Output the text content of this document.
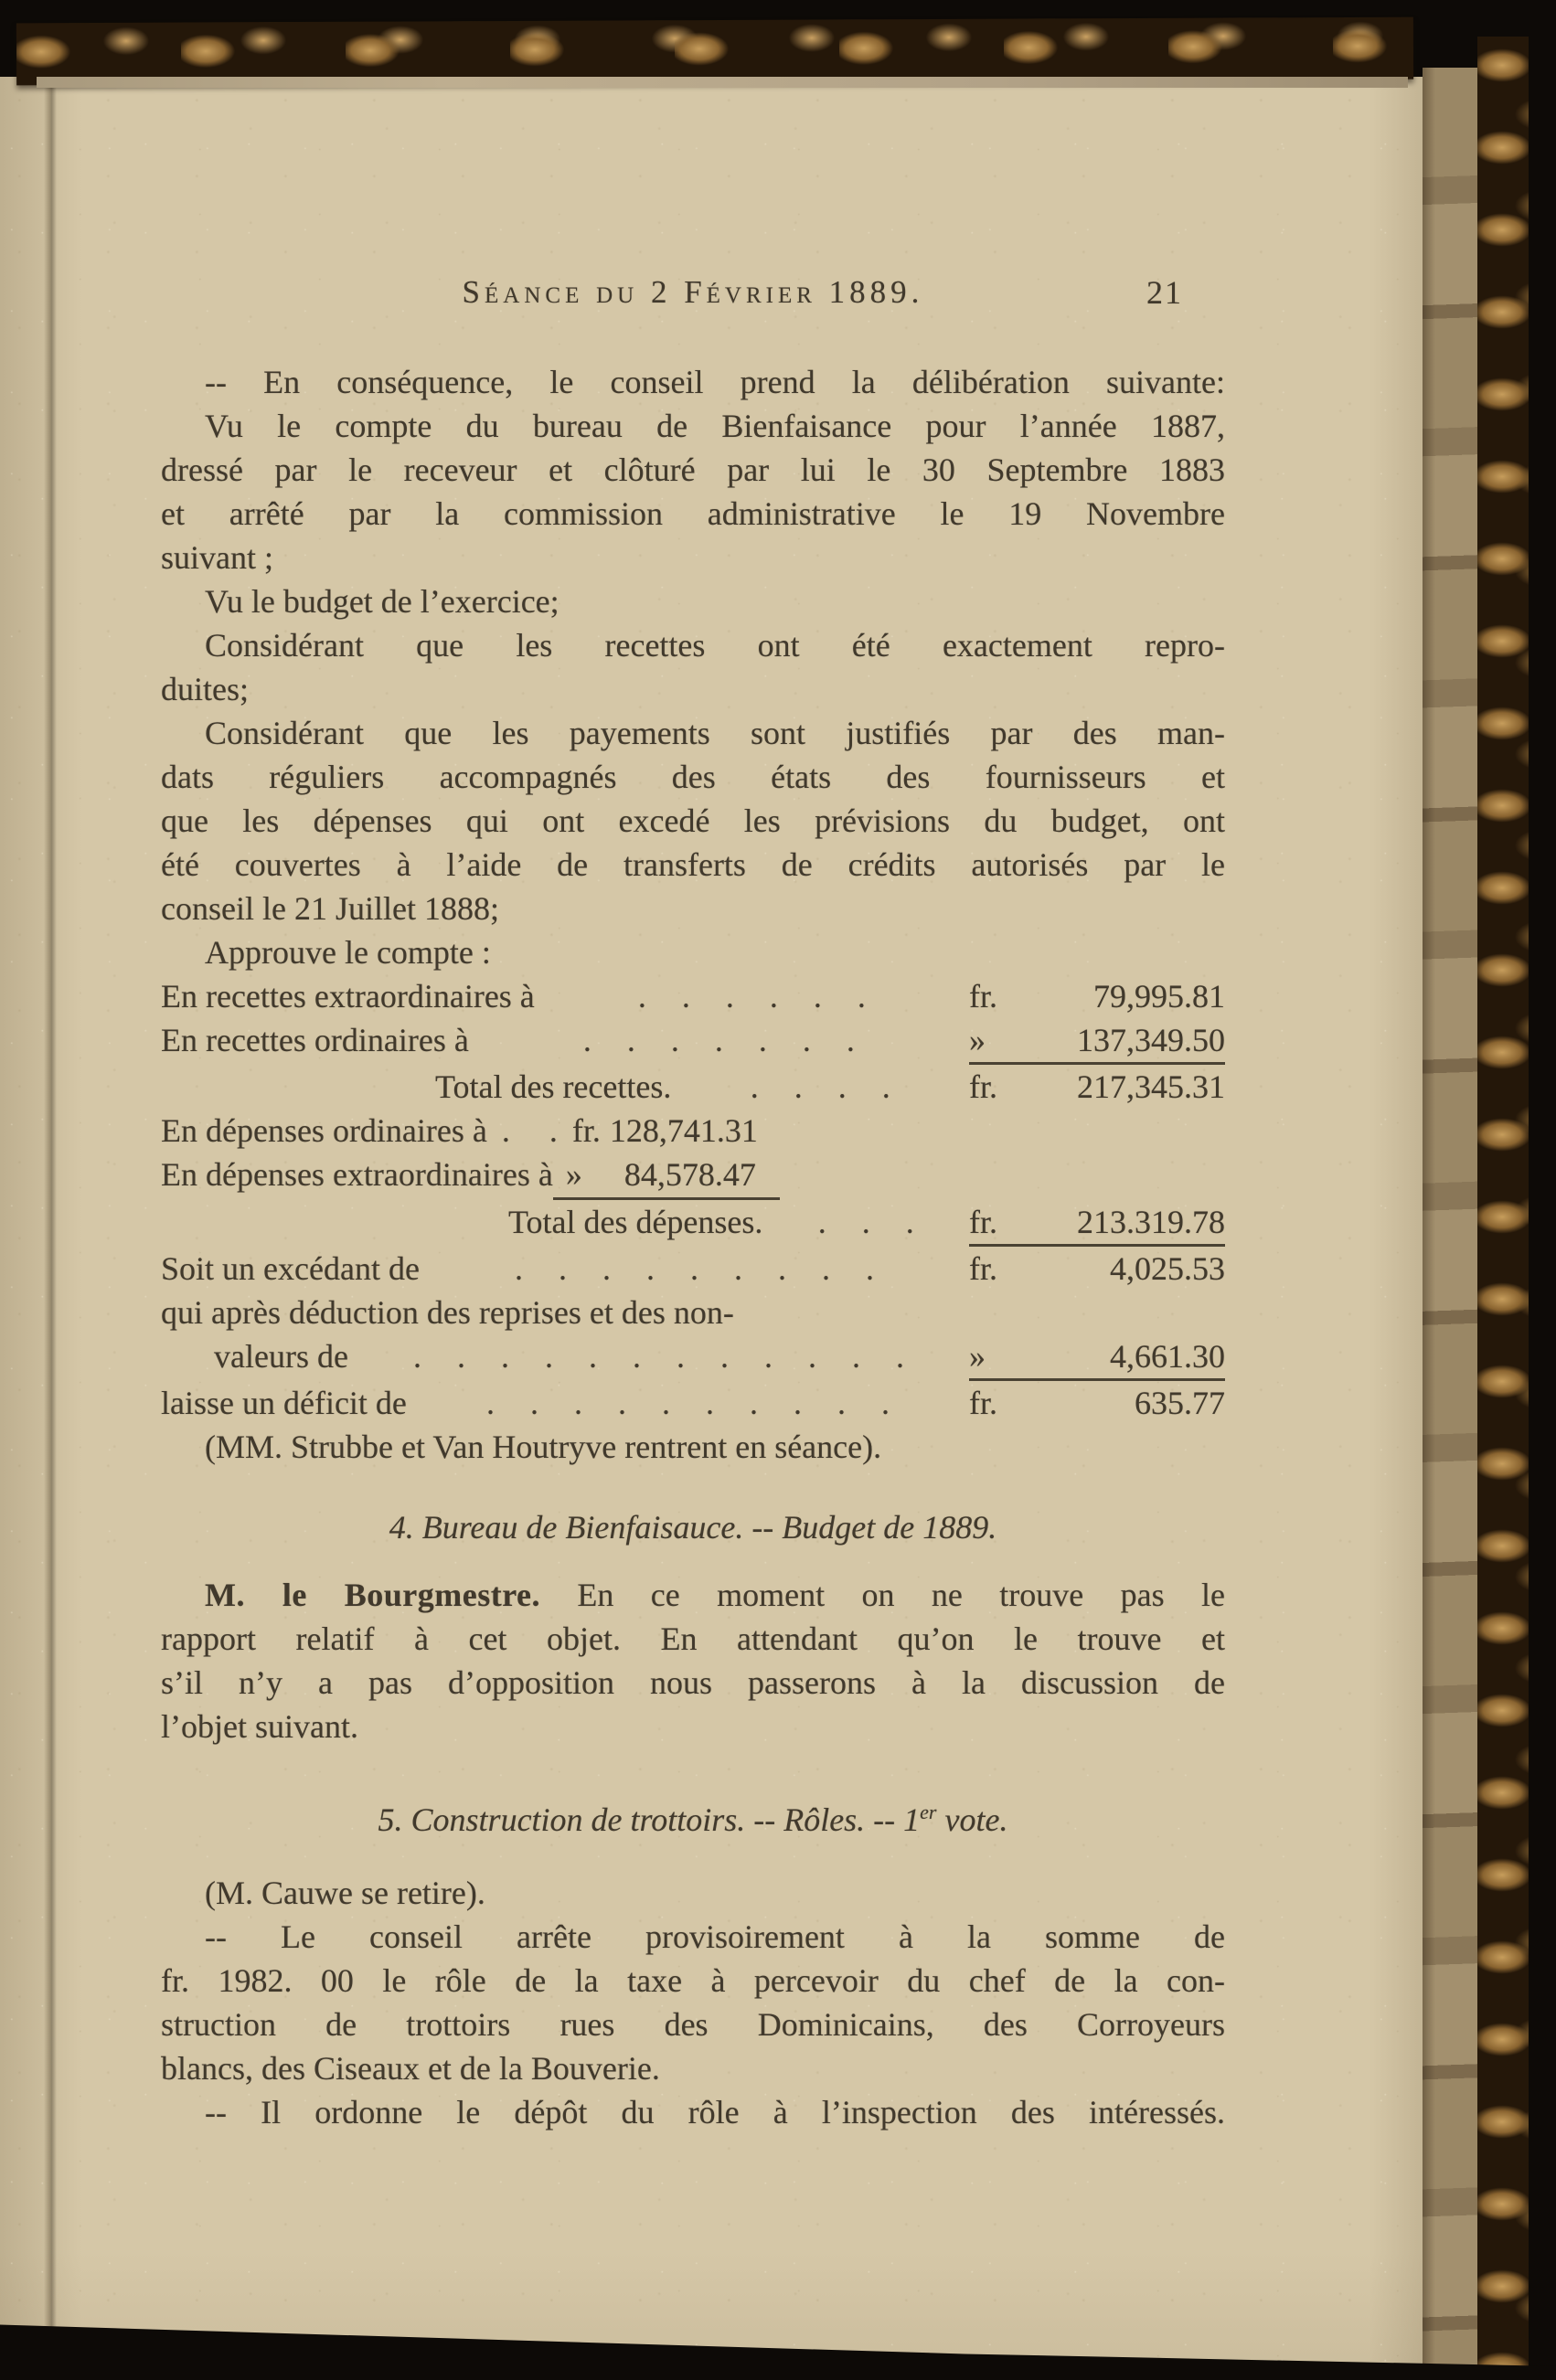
Séance du 2 Février 1889.	21
-- En conséquence, le conseil prend la délibération suivante:
Vu le compte du bureau de Bienfaisance pour l’année 1887,
dressé par le receveur et clôturé par lui le 30 Septembre 1883
et arrêté par la commission administrative le 19 Novembre
suivant ;
Vu le budget de l’exercice;
Considérant que les recettes ont été exactement repro-
duites;
Considérant que les payements sont justifiés par des man-
dats réguliers accompagnés des états des fournisseurs et
que les dépenses qui ont excedé les prévisions du budget, ont
été couvertes à l’aide de transferts de crédits autorisés par le
conseil le 21 Juillet 1888;
Approuve le compte :
En recettes extraordinaires à	. . . . . .	fr.	79,995.81
En recettes ordinaires à	. . . . . . .	»	137,349.50
Total des recettes.	. . . .	fr.	217,345.31
En dépenses ordinaires à . . fr. 128,741.31
En dépenses extraordinaires à » 84,578.47
Total des dépenses.	. . .	fr.	213.319.78
Soit un excédant de	. . . . . . . . .	fr.	4,025.53
qui après déduction des reprises et des non-
valeurs de	. . . . . . . . . . . .	»	4,661.30
laisse un déficit de	. . . . . . . . . .	fr.	635.77
(MM. Strubbe et Van Houtryve rentrent en séance).
4. Bureau de Bienfaisauce. -- Budget de 1889.
M. le Bourgmestre. En ce moment on ne trouve pas le
rapport relatif à cet objet. En attendant qu’on le trouve et
s’il n’y a pas d’opposition nous passerons à la discussion de
l’objet suivant.
5. Construction de trottoirs. -- Rôles. -- 1er vote.
(M. Cauwe se retire).
-- Le conseil arrête provisoirement à la somme de
fr. 1982. 00 le rôle de la taxe à percevoir du chef de la con-
struction de trottoirs rues des Dominicains, des Corroyeurs
blancs, des Ciseaux et de la Bouverie.
-- Il ordonne le dépôt du rôle à l’inspection des intéressés.
